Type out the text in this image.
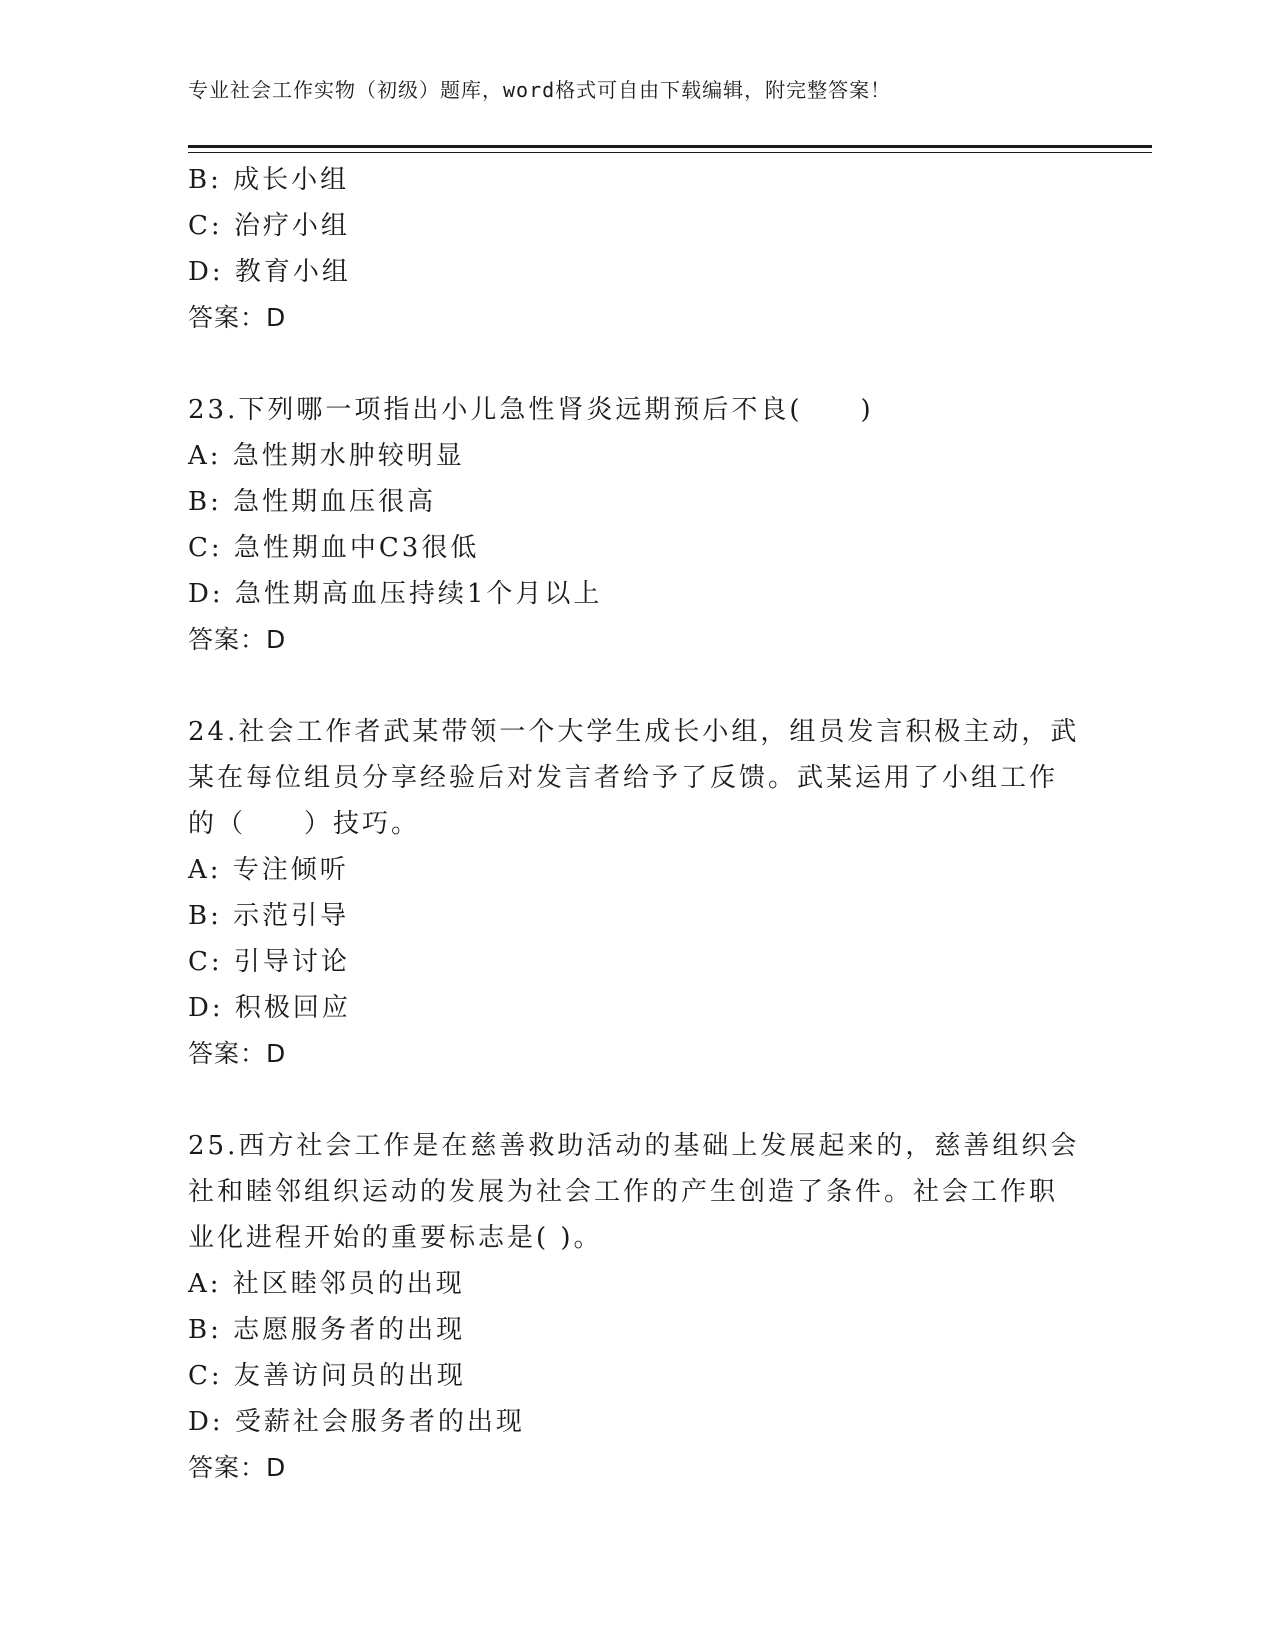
专业社会工作实物（初级）题库，word格式可自由下载编辑，附完整答案！
B: 成长小组
C: 治疗小组
D: 教育小组
答案：D
23.下列哪一项指出小儿急性肾炎远期预后不良(　　)
A: 急性期水肿较明显
B: 急性期血压很高
C: 急性期血中C3很低
D: 急性期高血压持续1个月以上
答案：D
24.社会工作者武某带领一个大学生成长小组，组员发言积极主动，武
某在每位组员分享经验后对发言者给予了反馈。武某运用了小组工作
的（　　）技巧。
A: 专注倾听
B: 示范引导
C: 引导讨论
D: 积极回应
答案：D
25.西方社会工作是在慈善救助活动的基础上发展起来的，慈善组织会
社和睦邻组织运动的发展为社会工作的产生创造了条件。社会工作职
业化进程开始的重要标志是( )。
A: 社区睦邻员的出现
B: 志愿服务者的出现
C: 友善访问员的出现
D: 受薪社会服务者的出现
答案：D
